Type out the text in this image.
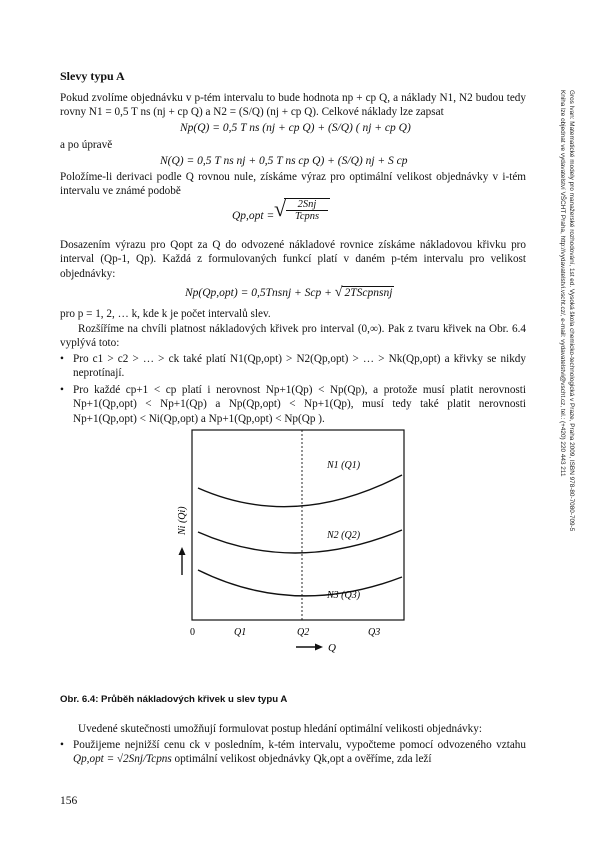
Gros Ivan: Matematické modely pro manažerské rozhodování, 1st ed. Vysoká škola chemicko-technologická v Praze, Praha 2009, ISBN 978-80-7080-709-5
Kniha lze objednat ve vydavatelství VŠCHT Praha, http://vydavatelstvi.vscht.cz/, e-mail: vydavatelstvi@vscht.cz, tel.: (+420) 220 443 211
Slevy typu A
Pokud zvolíme objednávku v p-tém intervalu to bude hodnota np + cp Q, a náklady N1, N2 budou tedy rovny N1 = 0,5 T ns (nj + cp Q) a N2 = (S/Q) (nj + cp Q). Celkové náklady lze zapsat
Np(Q) = 0,5 T ns (nj + cp Q) + (S/Q) ( nj + cp Q)
a po úpravě
N(Q) = 0,5 T ns nj + 0,5 T ns cp Q) + (S/Q) nj + S cp
Položíme-li derivaci podle Q rovnou nule, získáme výraz pro optimální velikost objednávky v i-tém intervalu ve známé podobě
Qp,opt = √ 2Snj
Tcpns
Dosazením výrazu pro Qopt za Q do odvozené nákladové rovnice získáme nákladovou křivku pro interval (Qp-1, Qp). Každá z formulovaných funkcí platí v daném p-tém intervalu pro velikost objednávky:
Np(Qp,opt) = 0,5Tnsnj + Scp + √ 2TScpnsnj
pro p = 1, 2, … k, kde k je počet intervalů slev.
Rozšíříme na chvíli platnost nákladových křivek pro interval (0,∞). Pak z tvaru křivek na Obr. 6.4 vyplývá toto:
• Pro c1 > c2 > … > ck také platí N1(Qp,opt) > N2(Qp,opt) > … > Nk(Qp,opt) a křivky se nikdy neprotínají.
• Pro každé cp+1 < cp platí i nerovnost Np+1(Qp) < Np(Qp), a protože musí platit nerovnosti Np+1(Qp,opt) < Np+1(Qp) a Np(Qp,opt) < Np+1(Qp), musí tedy také platit nerovnosti Np+1(Qp,opt) < Ni(Qp,opt) a Np+1(Qp,opt) < Np(Qp ).
N1 (Q1)
N2 (Q2)
N3 (Q3)
Ni (Qi)
0	Q1	Q2	Q3
Q
Obr. 6.4: Průběh nákladových křivek u slev typu A
Uvedené skutečnosti umožňují formulovat postup hledání optimální velikosti objednávky:
• Použijeme nejnižší cenu ck v posledním, k-tém intervalu, vypočteme pomocí odvozeného vztahu Qp,opt = √2Snj/Tcpns optimální velikost objednávky Qk,opt a ověříme, zda leží
156
